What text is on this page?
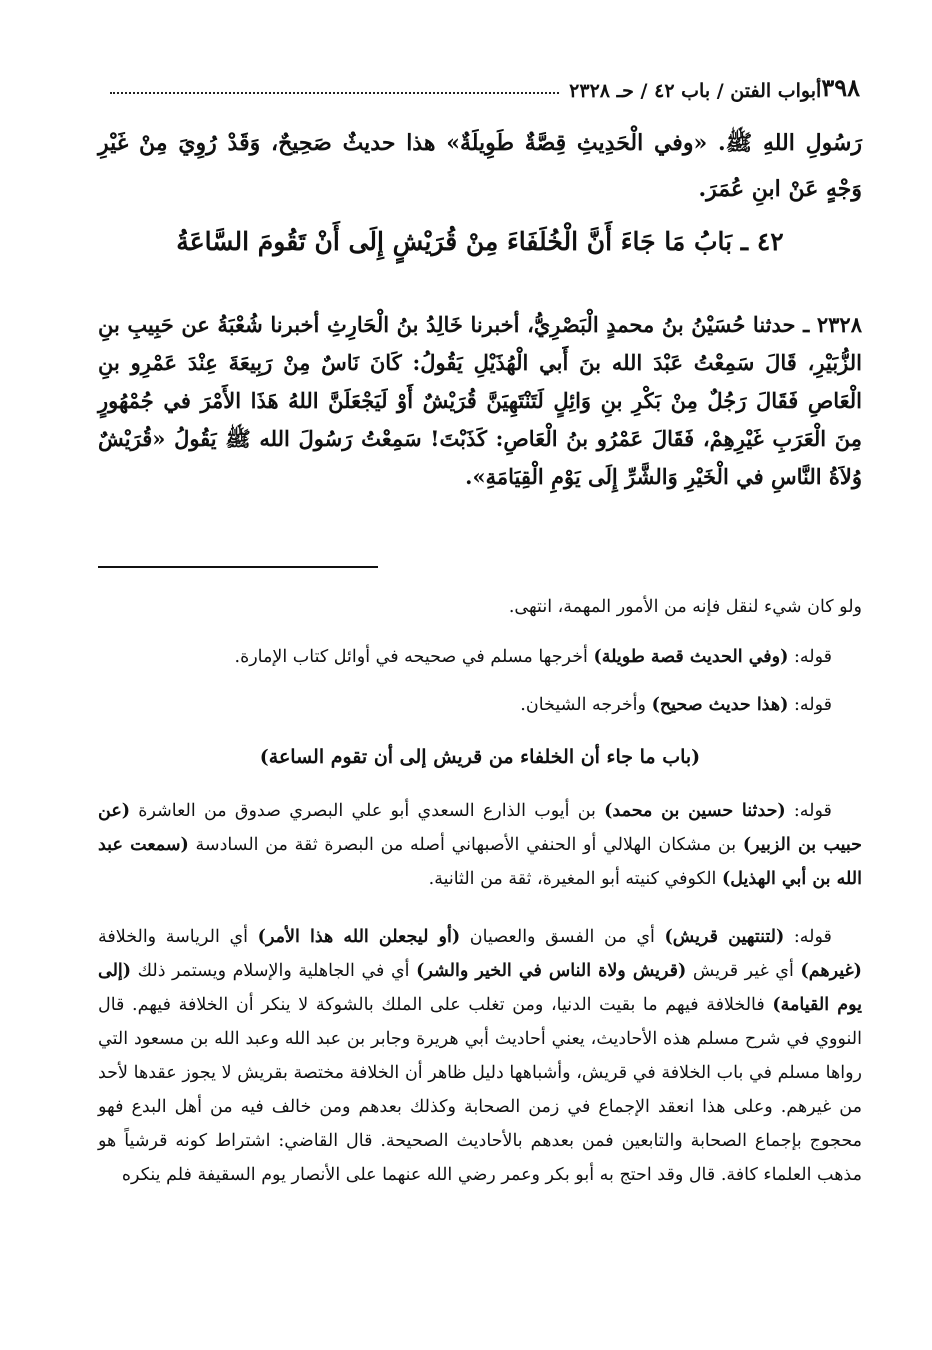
٣٩٨
أبواب الفتن / باب ٤٢ / حـ ٢٣٢٨

رَسُولِ اللهِ ﷺ. «وفي الْحَدِيثِ قِصَّةٌ طَوِيلَةٌ» هذا حديثٌ صَحِيحٌ، وَقَدْ رُوِيَ مِنْ غَيْرِ وَجْهٍ عَنْ ابنِ عُمَرَ.

٤٢ ـ بَابُ مَا جَاءَ أَنَّ الْخُلَفَاءَ مِنْ قُرَيْشٍ إِلَى أَنْ تَقُومَ السَّاعَةُ

٢٣٢٨ ـ حدثنا حُسَيْنُ بنُ محمدٍ الْبَصْرِيُّ، أخبرنا خَالِدُ بنُ الْحَارِثِ أخبرنا شُعْبَةُ عن حَبِيبِ بنِ الزُّبَيْرِ، قَالَ سَمِعْتُ عَبْدَ الله بنَ أَبي الْهُذَيْلِ يَقُولُ: كَانَ نَاسٌ مِنْ رَبِيعَةَ عِنْدَ عَمْرِو بنِ الْعَاصِ فَقَالَ رَجُلٌ مِنْ بَكْرِ بنِ وَائِلٍ لَتَنْتَهِيَنَّ قُرَيْشٌ أَوْ لَيَجْعَلَنَّ اللهُ هَذَا الأَمْرَ في جُمْهُورٍ مِنَ الْعَرَبِ غَيْرِهِمْ، فَقَالَ عَمْرُو بنُ الْعَاصِ: كَذَبْتَ! سَمِعْتُ رَسُولَ الله ﷺ يَقُولُ «قُرَيْشٌ وُلاَةُ النَّاسِ في الْخَيْرِ وَالشَّرِّ إِلَى يَوْمِ الْقِيَامَةِ».

ولو كان شيء لنقل فإنه من الأمور المهمة، انتهى.

قوله: (وفي الحديث قصة طويلة) أخرجها مسلم في صحيحه في أوائل كتاب الإمارة.

قوله: (هذا حديث صحيح) وأخرجه الشيخان.

(باب ما جاء أن الخلفاء من قريش إلى أن تقوم الساعة)

قوله: (حدثنا حسين بن محمد) بن أيوب الذارع السعدي أبو علي البصري صدوق من العاشرة (عن حبيب بن الزبير) بن مشكان الهلالي أو الحنفي الأصبهاني أصله من البصرة ثقة من السادسة (سمعت عبد الله بن أبي الهذيل) الكوفي كنيته أبو المغيرة، ثقة من الثانية.

قوله: (لتنتهين قريش) أي من الفسق والعصيان (أو ليجعلن الله هذا الأمر) أي الرياسة والخلافة (غيرهم) أي غير قريش (قريش ولاة الناس في الخير والشر) أي في الجاهلية والإسلام ويستمر ذلك (إلى يوم القيامة) فالخلافة فيهم ما بقيت الدنيا، ومن تغلب على الملك بالشوكة لا ينكر أن الخلافة فيهم. قال النووي في شرح مسلم هذه الأحاديث، يعني أحاديث أبي هريرة وجابر بن عبد الله وعبد الله بن مسعود التي رواها مسلم في باب الخلافة في قريش، وأشباهها دليل ظاهر أن الخلافة مختصة بقريش لا يجوز عقدها لأحد من غيرهم. وعلى هذا انعقد الإجماع في زمن الصحابة وكذلك بعدهم ومن خالف فيه من أهل البدع فهو محجوج بإجماع الصحابة والتابعين فمن بعدهم بالأحاديث الصحيحة. قال القاضي: اشتراط كونه قرشياً هو مذهب العلماء كافة. قال وقد احتج به أبو بكر وعمر رضي الله عنهما على الأنصار يوم السقيفة فلم ينكره
